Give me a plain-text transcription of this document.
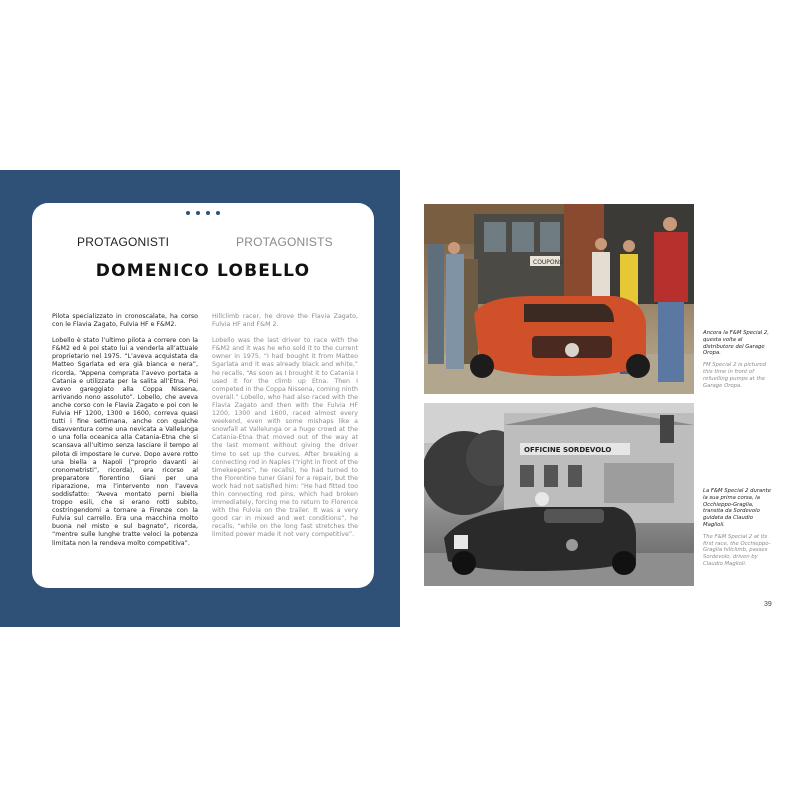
PROTAGONISTI	PROTAGONISTS
DOMENICO LOBELLO

Pilota specializzato in cronoscalate, ha corso con le Flavia Zagato, Fulvia HF e F&M2.

Lobello è stato l’ultimo pilota a correre con la F&M2 ed è poi stato lui a venderla all’attuale proprietario nel 1975. “L’aveva acquistata da Matteo Sgarlata ed era già bianca e nera”, ricorda, “Appena comprata l’avevo portata a Catania e utilizzata per la salita all’Etna. Poi avevo gareggiato alla Coppa Nissena, arrivando nono assoluto”. Lobello, che aveva anche corso con le Flavia Zagato e poi con le Fulvia HF 1200, 1300 e 1600, correva quasi tutti i fine settimana, anche con qualche disavventura come una nevicata a Vallelunga o una folla oceanica alla Catania-Etna che si scansava all’ultimo senza lasciare il tempo al pilota di impostare le curve. Dopo avere rotto una biella a Napoli (“proprio davanti ai cronometristi”, ricorda), era ricorso al preparatore fiorentino Giani per una riparazione, ma l’intervento non l’aveva soddisfatto: “Aveva montato perni biella troppo esili, che si erano rotti subito, costringendomi a tornare a Firenze con la Fulvia sul carrello. Era una macchina molto buona nel misto e sul bagnato”, ricorda, “mentre sulle lunghe tratte veloci la potenza limitata non la rendeva molto competitiva”.

Hillclimb racer, he drove the Flavia Zagato, Fulvia HF and F&M 2.

Lobello was the last driver to race with the F&M2 and it was he who sold it to the current owner in 1975. “I had bought it from Matteo Sgarlata and it was already black and white,” he recalls, “As soon as I brought it to Catania I used it for the climb up Etna. Then I competed in the Coppa Nissena, coming ninth overall.” Lobello, who had also raced with the Flavia Zagato and then with the Fulvia HF 1200, 1300 and 1600, raced almost every weekend, even with some mishaps like a snowfall at Vallelunga or a huge crowd at the Catania-Etna that moved out of the way at the last moment without giving the driver time to set up the curves. After breaking a connecting rod in Naples (“right in front of the timekeepers”, he recalls), he had turned to the Florentine tuner Giani for a repair, but the work had not satisfied him: “He had fitted too thin connecting rod pins, which had broken immediately, forcing me to return to Florence with the Fulvia on the trailer. It was a very good car in mixed and wet conditions”, he recalls, “while on the long fast stretches the limited power made it not very competitive”.

COUPONS
OFFICINE SORDEVOLO
Ancora la F&M Special 2, questa volta al distributore del Garage Oropa.
FM Special 2 is pictured this time in front of refuelling pumps at the Garage Oropa.
La F&M Special 2 durante la sua prima corsa, la Occhieppo-Graglia, transita da Sordevolo guidata da Claudio Maglioli.
The F&M Special 2 at its first race, the Occhieppo-Graglia hillclimb, passes Sordevolo, driven by Claudio Maglioli.
39
